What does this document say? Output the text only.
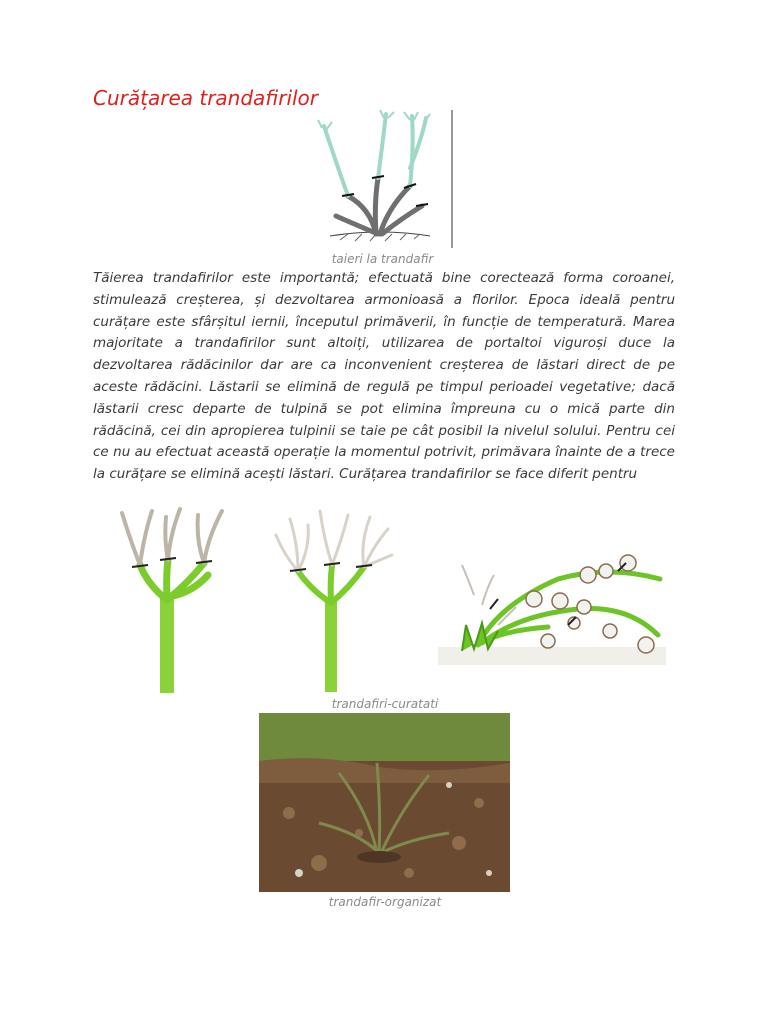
Curățarea trandafirilor
taieri la trandafir

Tăierea trandafirilor este importantă; efectuată bine corectează forma coroanei, stimulează creșterea, și dezvoltarea armonioasă a florilor. Epoca ideală pentru curățare este sfârșitul iernii, începutul primăverii, în funcție de temperatură. Marea majoritate a trandafirilor sunt altoiți, utilizarea de portaltoi viguroși duce la dezvoltarea rădăcinilor dar are ca inconvenient creșterea de lăstari direct de pe aceste rădăcini. Lăstarii se elimină de regulă pe timpul perioadei vegetative; dacă lăstarii cresc departe de tulpină se pot elimina împreuna cu o mică parte din rădăcină, cei din apropierea tulpinii se taie pe cât posibil la nivelul solului. Pentru cei ce nu au efectuat această operație la momentul potrivit, primăvara înainte de a trece la curățare se elimină acești lăstari. Curățarea trandafirilor se face diferit pentru

trandafiri-curatati
trandafir-organizat
